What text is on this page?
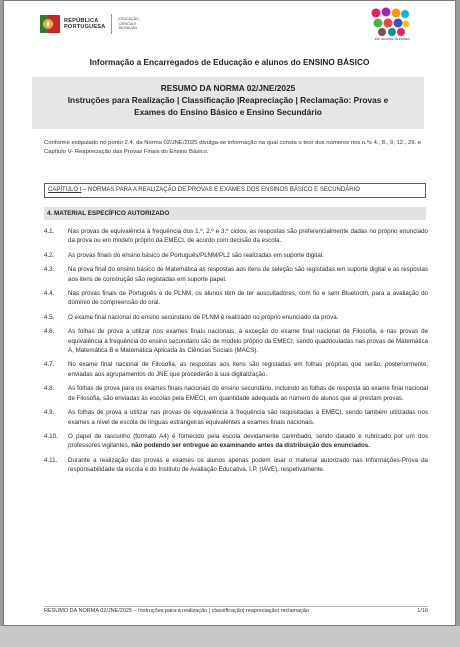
REPÚBLICA
PORTUGUESA
EDUCAÇÃO, CIÊNCIA E INOVAÇÃO
JÚRI NACIONAL DE EXAMES
Informação a Encarregados de Educação e alunos do ENSINO BÁSICO
RESUMO DA NORMA 02/JNE/2025
Instruções para Realização | Classificação |Reapreciação | Reclamação: Provas e
Exames do Ensino Básico e Ensino Secundário
Conforme estipulado no ponto 2.4. da Norma 02/JNE/2025 divulga-se informação na qual consta o teor dos números nos n.ºs 4., 8., 9, 12., 29. e Capítulo V- Reapreciação das Provas Finais do Ensino Básico.
CAPÍTULO I – NORMAS PARA A REALIZAÇÃO DE PROVAS E EXAMES DOS ENSINOS BÁSICO E SECUNDÁRIO
4. MATERIAL ESPECÍFICO AUTORIZADO
4.1.	Nas provas de equivalência à frequência dos 1.º, 2.º e 3.º ciclos, as respostas são preferencialmente dadas no próprio enunciado da prova ou em modelo próprio da EMECI, de acordo com decisão da escola.
4.2.	As provas finais do ensino básico de Português/PLNM/PL2 são realizadas em suporte digital.
4.3.	Na prova final do ensino básico de Matemática as respostas aos itens de seleção são registadas em suporte digital e as respostas aos itens de construção são registadas em suporte papel.
4.4.	Nas provas finais de Português e de PLNM, os alunos têm de ter auscultadores, com fio e sem Bluetooth, para a avaliação do domínio de compreensão do oral.
4.5.	O exame final nacional do ensino secundário de PLNM é realizado no próprio enunciado da prova.
4.6.	As folhas de prova a utilizar nos exames finais nacionais, à exceção do exame final nacional de Filosofia, e nas provas de equivalência à frequência do ensino secundário são de modelo próprio da EMECI, sendo quadriculadas nas provas de Matemática A, Matemática B e Matemática Aplicada às Ciências Sociais (MACS).
4.7.	No exame final nacional de Filosofia, as respostas aos itens são registadas em folhas próprias que serão, posteriormente, enviadas aos agrupamentos do JNE que procederão à sua digitalização.
4.8.	As folhas de prova para os exames finais nacionais do ensino secundário, incluindo as folhas de resposta ao exame final nacional de Filosofia, são enviadas às escolas pela EMECI, em quantidade adequada ao número de alunos que aí prestam provas.
4.9.	As folhas de prova a utilizar nas provas de equivalência à frequência são requisitadas à EMECI, sendo também utilizadas nos exames a nível de escola de línguas estrangeiras equivalentes a exames finais nacionais.
4.10.	O papel de rascunho (formato A4) é fornecido pela escola devidamente carimbado, sendo datado e rubricado por um dos professores vigilantes, não podendo ser entregue ao examinando antes da distribuição dos enunciados.
4.11.	Durante a realização das provas e exames os alunos apenas podem usar o material autorizado nas Informações-Prova da responsabilidade da escola e do Instituto de Avaliação Educativa, I.P. (IAVE), respetivamente.
RESUMO DA NORMA 02/JNE/2025 – Instruções para a realização | classificação| reapreciação| reclamação	1/16
